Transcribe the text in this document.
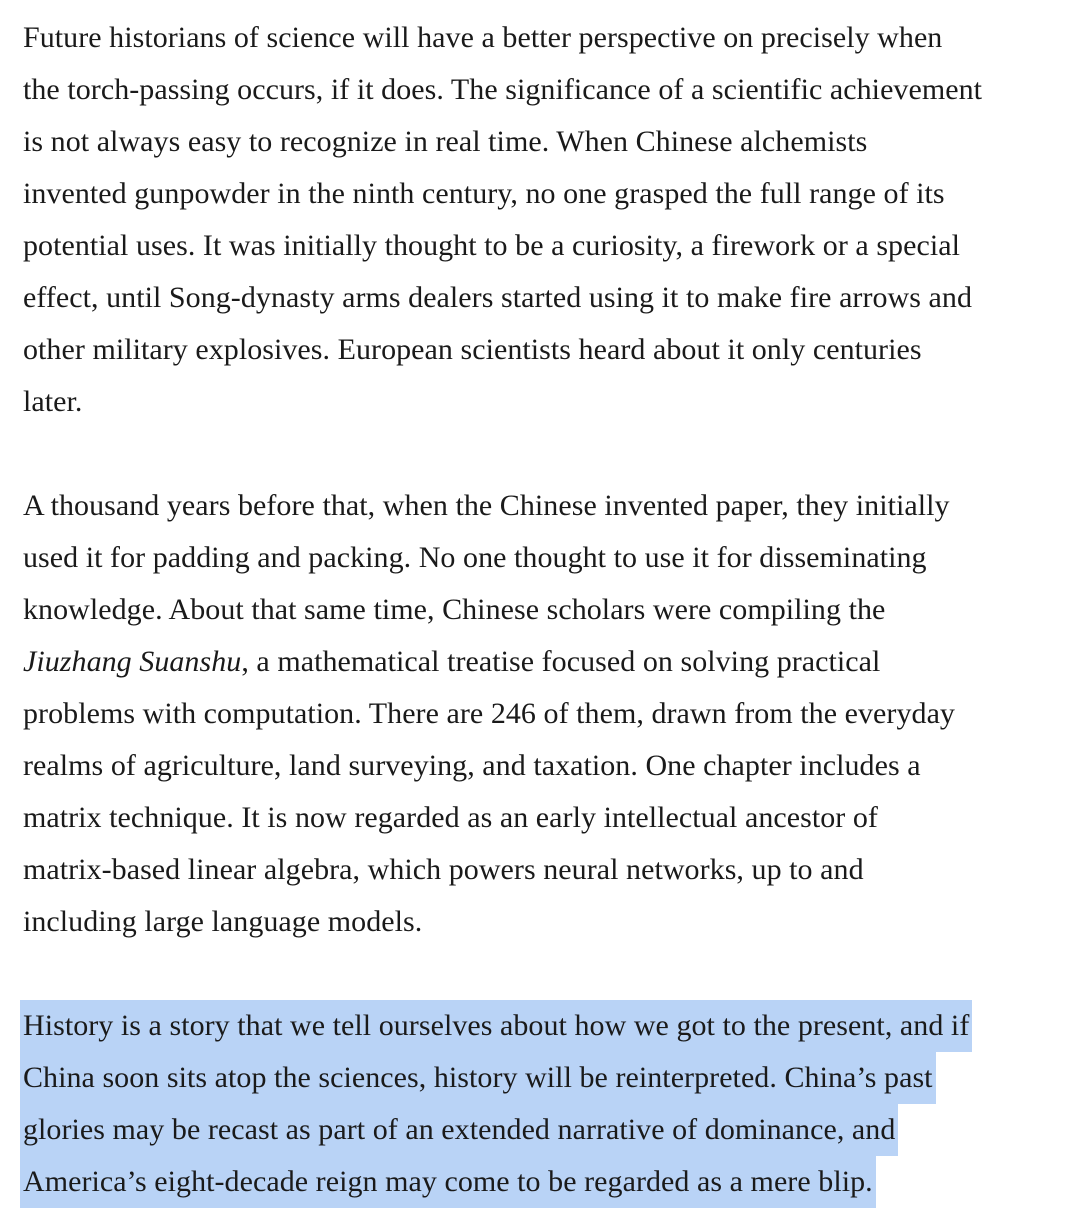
Future historians of science will have a better perspective on precisely when
the torch-passing occurs, if it does. The significance of a scientific achievement
is not always easy to recognize in real time. When Chinese alchemists
invented gunpowder in the ninth century, no one grasped the full range of its
potential uses. It was initially thought to be a curiosity, a firework or a special
effect, until Song-dynasty arms dealers started using it to make fire arrows and
other military explosives. European scientists heard about it only centuries
later.

A thousand years before that, when the Chinese invented paper, they initially
used it for padding and packing. No one thought to use it for disseminating
knowledge. About that same time, Chinese scholars were compiling the
Jiuzhang Suanshu, a mathematical treatise focused on solving practical
problems with computation. There are 246 of them, drawn from the everyday
realms of agriculture, land surveying, and taxation. One chapter includes a
matrix technique. It is now regarded as an early intellectual ancestor of
matrix-based linear algebra, which powers neural networks, up to and
including large language models.

History is a story that we tell ourselves about how we got to the present, and if
China soon sits atop the sciences, history will be reinterpreted. China’s past
glories may be recast as part of an extended narrative of dominance, and
America’s eight-decade reign may come to be regarded as a mere blip.
